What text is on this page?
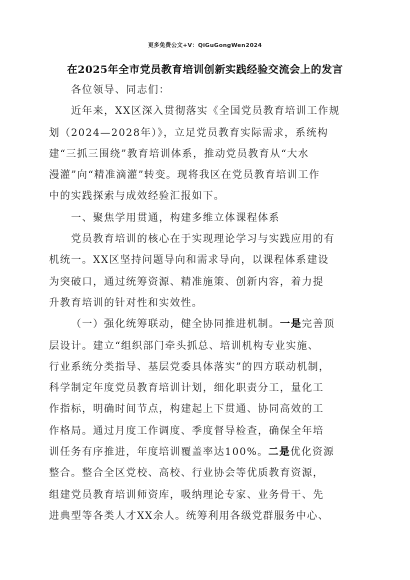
更多免费公文+V：QiGuGongWen2024
在2025年全市党员教育培训创新实践经验交流会上的发言
各位领导、同志们：
近年来，XX区深入贯彻落实《全国党员教育培训工作规
划（2024—2028年）》，立足党员教育实际需求，系统构
建“三抓三围绕”教育培训体系，推动党员教育从“大水
漫灌”向“精准滴灌”转变。现将我区在党员教育培训工作
中的实践探索与成效经验汇报如下。
一、聚焦学用贯通，构建多维立体课程体系
党员教育培训的核心在于实现理论学习与实践应用的有
机统一。XX区坚持问题导向和需求导向，以课程体系建设
为突破口，通过统筹资源、精准施策、创新内容，着力提
升教育培训的针对性和实效性。
（一）强化统筹联动，健全协同推进机制。一是完善顶
层设计。建立“组织部门牵头抓总、培训机构专业实施、
行业系统分类指导、基层党委具体落实”的四方联动机制，
科学制定年度党员教育培训计划，细化职责分工，量化工
作指标，明确时间节点，构建起上下贯通、协同高效的工
作格局。通过月度工作调度、季度督导检查，确保全年培
训任务有序推进，年度培训覆盖率达100%。二是优化资源
整合。整合全区党校、高校、行业协会等优质教育资源，
组建党员教育培训师资库，吸纳理论专家、业务骨干、先
进典型等各类人才XX余人。统筹利用各级党群服务中心、
